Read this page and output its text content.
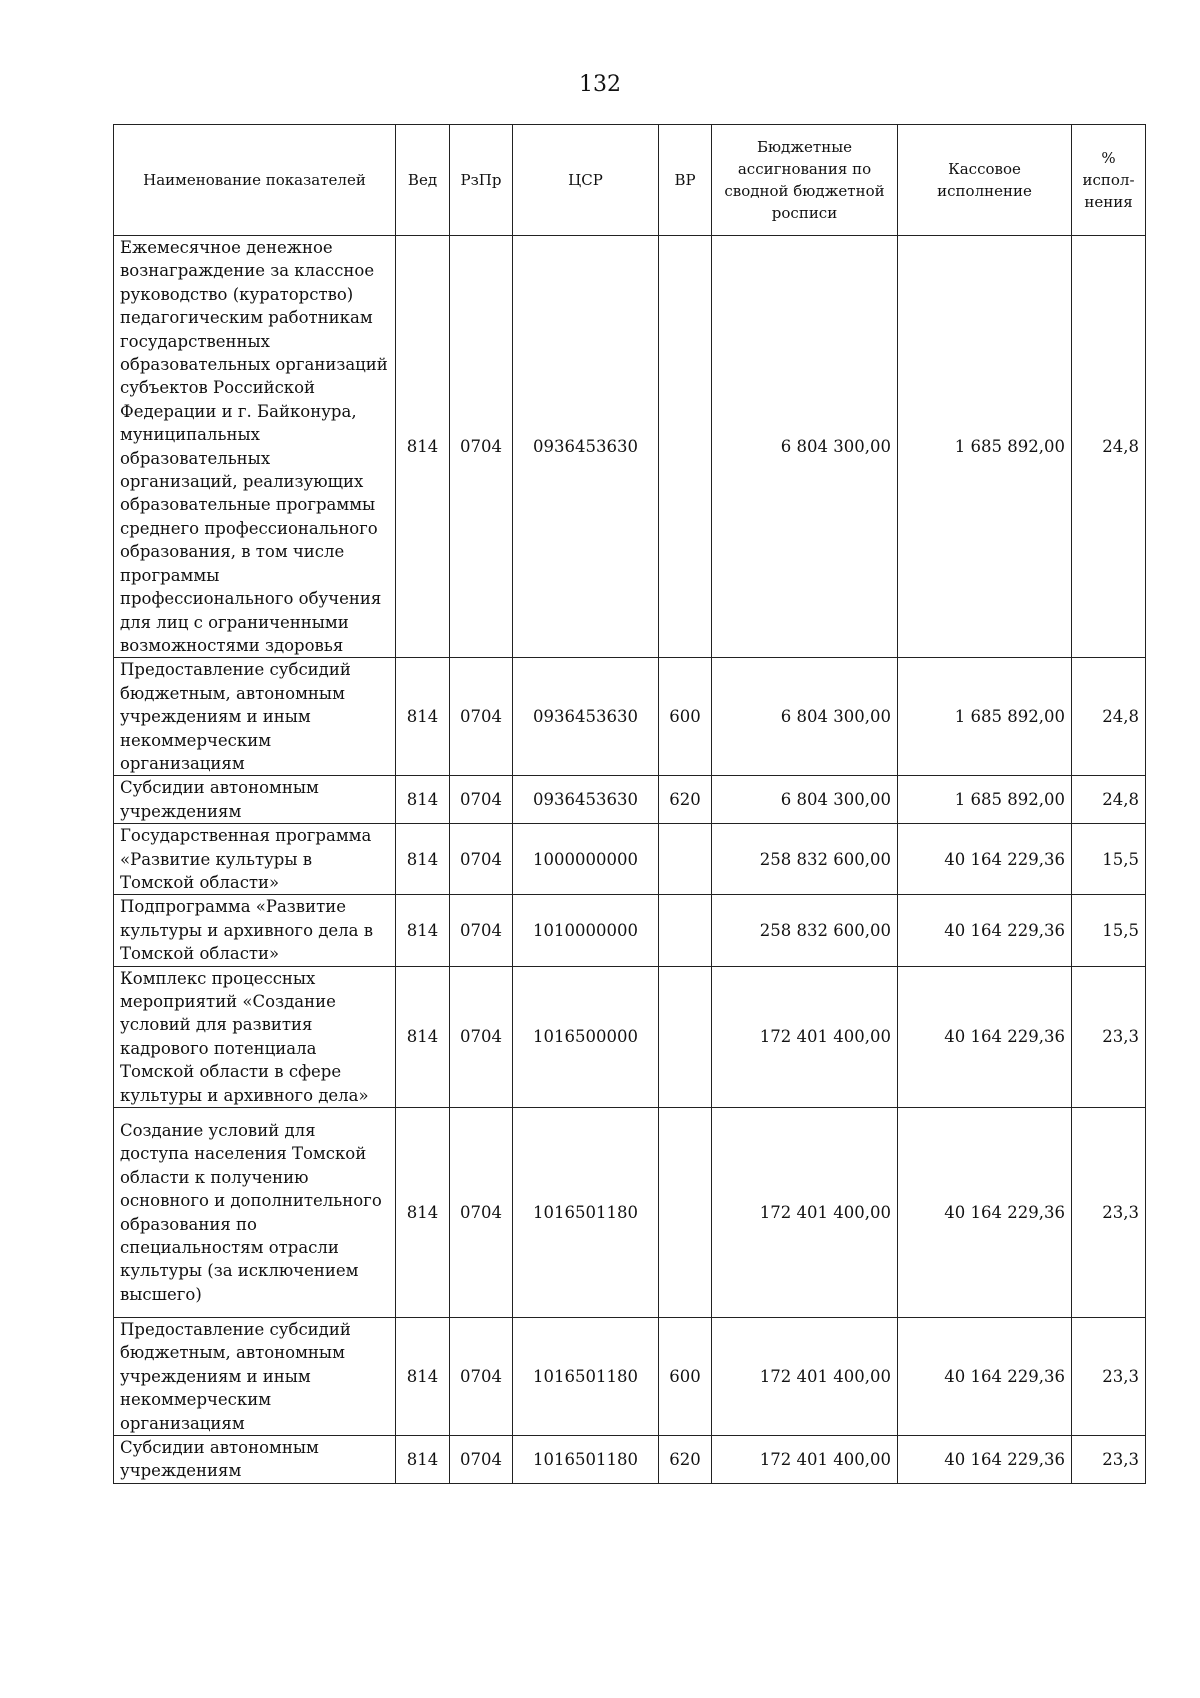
132
Наименование показателей	Вед	РзПр	ЦСР	ВР	Бюджетные ассигнования по сводной бюджетной росписи	Кассовое исполнение	% испол-нения
Ежемесячное денежное вознаграждение за классное руководство (кураторство) педагогическим работникам государственных образовательных организаций субъектов Российской Федерации и г. Байконура, муниципальных образовательных организаций, реализующих образовательные программы среднего профессионального образования, в том числе программы профессионального обучения для лиц с ограниченными возможностями здоровья	814	0704	0936453630		6 804 300,00	1 685 892,00	24,8
Предоставление субсидий бюджетным, автономным учреждениям и иным некоммерческим организациям	814	0704	0936453630	600	6 804 300,00	1 685 892,00	24,8
Субсидии автономным учреждениям	814	0704	0936453630	620	6 804 300,00	1 685 892,00	24,8
Государственная программа «Развитие культуры в Томской области»	814	0704	1000000000		258 832 600,00	40 164 229,36	15,5
Подпрограмма «Развитие культуры и архивного дела в Томской области»	814	0704	1010000000		258 832 600,00	40 164 229,36	15,5
Комплекс процессных мероприятий «Создание условий для развития кадрового потенциала Томской области в сфере культуры и архивного дела»	814	0704	1016500000		172 401 400,00	40 164 229,36	23,3
Создание условий для доступа населения Томской области к получению основного и дополнительного образования по специальностям отрасли культуры (за исключением высшего)	814	0704	1016501180		172 401 400,00	40 164 229,36	23,3
Предоставление субсидий бюджетным, автономным учреждениям и иным некоммерческим организациям	814	0704	1016501180	600	172 401 400,00	40 164 229,36	23,3
Субсидии автономным учреждениям	814	0704	1016501180	620	172 401 400,00	40 164 229,36	23,3
